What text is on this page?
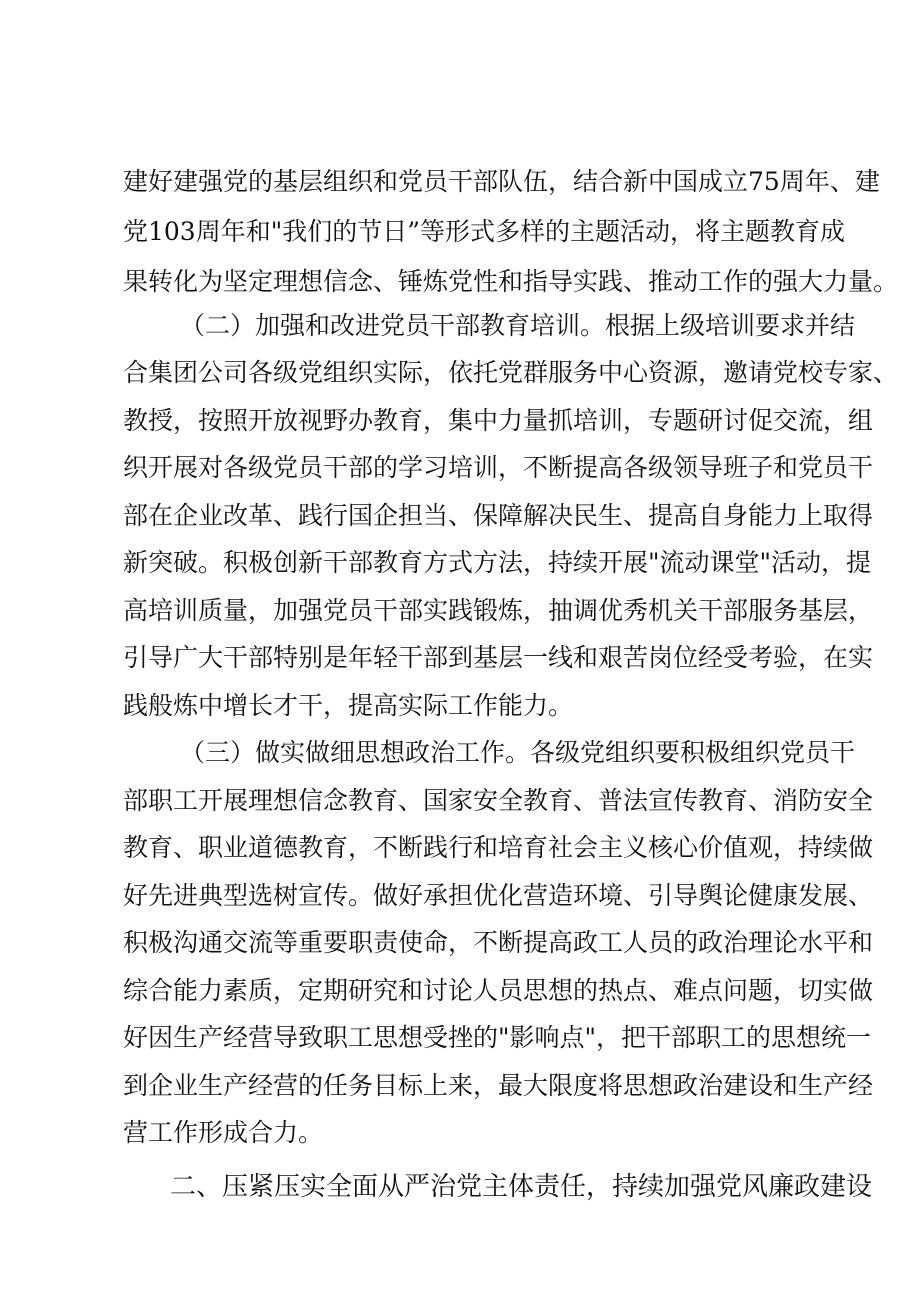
建好建强党的基层组织和党员干部队伍，结合新中国成立75周年、建
党103周年和"我们的节日”等形式多样的主题活动，将主题教育成
果转化为坚定理想信念、锤炼党性和指导实践、推动工作的强大力量。
（二）加强和改进党员干部教育培训。根据上级培训要求并结
合集团公司各级党组织实际，依托党群服务中心资源，邀请党校专家、
教授，按照开放视野办教育，集中力量抓培训，专题研讨促交流，组
织开展对各级党员干部的学习培训，不断提高各级领导班子和党员干
部在企业改革、践行国企担当、保障解决民生、提高自身能力上取得
新突破。积极创新干部教育方式方法，持续开展"流动课堂"活动，提
高培训质量，加强党员干部实践锻炼，抽调优秀机关干部服务基层，
引导广大干部特别是年轻干部到基层一线和艰苦岗位经受考验，在实
践般炼中增长才干，提高实际工作能力。
（三）做实做细思想政治工作。各级党组织要积极组织党员干
部职工开展理想信念教育、国家安全教育、普法宣传教育、消防安全
教育、职业道德教育，不断践行和培育社会主义核心价值观，持续做
好先进典型选树宣传。做好承担优化营造环境、引导舆论健康发展、
积极沟通交流等重要职责使命，不断提高政工人员的政治理论水平和
综合能力素质，定期研究和讨论人员思想的热点、难点问题，切实做
好因生产经营导致职工思想受挫的"影响点"，把干部职工的思想统一
到企业生产经营的任务目标上来，最大限度将思想政治建设和生产经
营工作形成合力。
二、压紧压实全面从严治党主体责任，持续加强党风廉政建设
